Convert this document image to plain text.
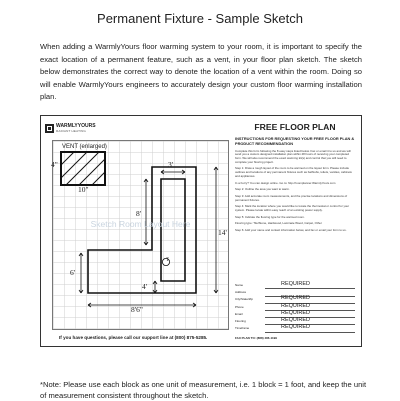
Permanent Fixture - Sample Sketch
When adding a WarmlyYours floor warming system to your room, it is important to specify the exact location of a permanent feature, such as a vent, in your floor plan sketch. The sketch below demonstrates the correct way to denote the location of a vent within the room. Doing so will enable WarmlyYours engineers to accurately design your custom floor warming installation plan.
WARMLYYOURS
RADIANT HEATING
VENT (enlarged)
Sketch Room Layout Here
T
4"
10"
3'
8'
14'
6'
4'
8'6"
If you have questions, please call our support line at (800) 875-5285.
FREE FLOOR PLAN
INSTRUCTIONS FOR REQUESTING YOUR FREE FLOOR PLAN & PRODUCT RECOMMENDATION
Complete this form following the 8 easy steps listed below. Fax or email it to us and we will send you a custom designed installation plan within 48 hours of receiving your completed form. We will also recommend the exact warming kit(s) and control that you will need to complete your flooring project.
Step 1: Draw a rough layout of the room to be warmed on the layout form. Please include outlines and locations of any permanent fixtures such as bathtubs, toilets, vanities, cabinets and appliances.
In a hurry? You can design online. Go to: http://roomplanner.WarmlyYours.com
Step 2: Outline the area you want to warm.
Step 3: Add accurate room measurements, and the precise locations and dimensions of permanent fixtures.
Step 4: Mark the location where you would like to locate the thermostat or control for your system. Please locate within easy reach of an existing power supply.
Step 5: Indicate the flooring type for the warmed room.
Flooring type: Tile/Stone, Hardwood, Laminate Wood, Carpet, Other
Step 6: Add your name and contact information below, and fax or email your form to us.
Name	REQUIRED
Address
City/State/Zip	REQUIRED
Phone	REQUIRED
Email	REQUIRED
Flooring	REQUIRED
Timeframe	REQUIRED
FAX PLAN TO: (888) 486-1199
*Note: Please use each block as one unit of measurement, i.e. 1 block = 1 foot, and keep the unit of measurement consistent throughout the sketch.
